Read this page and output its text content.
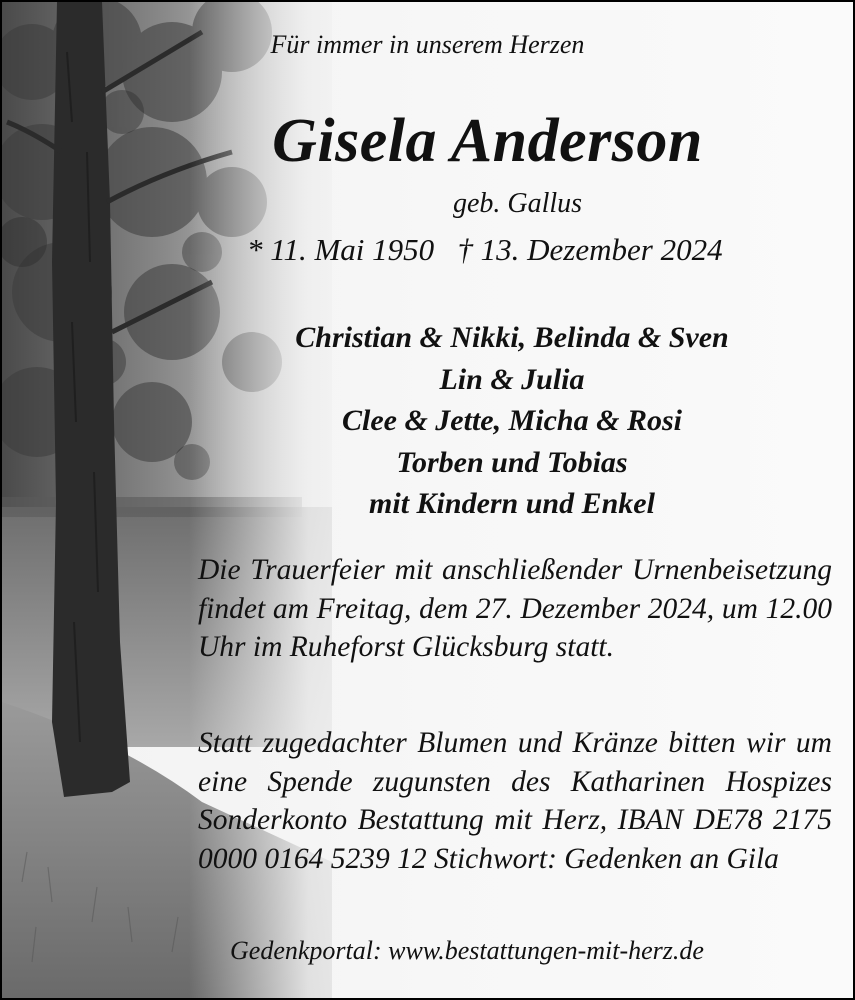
Für immer in unserem Herzen
Gisela Anderson
geb. Gallus
* 11. Mai 1950 † 13. Dezember 2024
Christian & Nikki, Belinda & Sven
Lin & Julia
Clee & Jette, Micha & Rosi
Torben und Tobias
mit Kindern und Enkel
Die Trauerfeier mit anschließender Urnenbeisetzung findet am Freitag, dem 27. Dezember 2024, um 12.00 Uhr im Ruheforst Glücksburg statt.
Statt zugedachter Blumen und Kränze bitten wir um eine Spende zugunsten des Katharinen Hospizes Sonderkonto Bestattung mit Herz, IBAN DE78 2175 0000 0164 5239 12 Stichwort: Gedenken an Gila
Gedenkportal: www.bestattungen-mit-herz.de
